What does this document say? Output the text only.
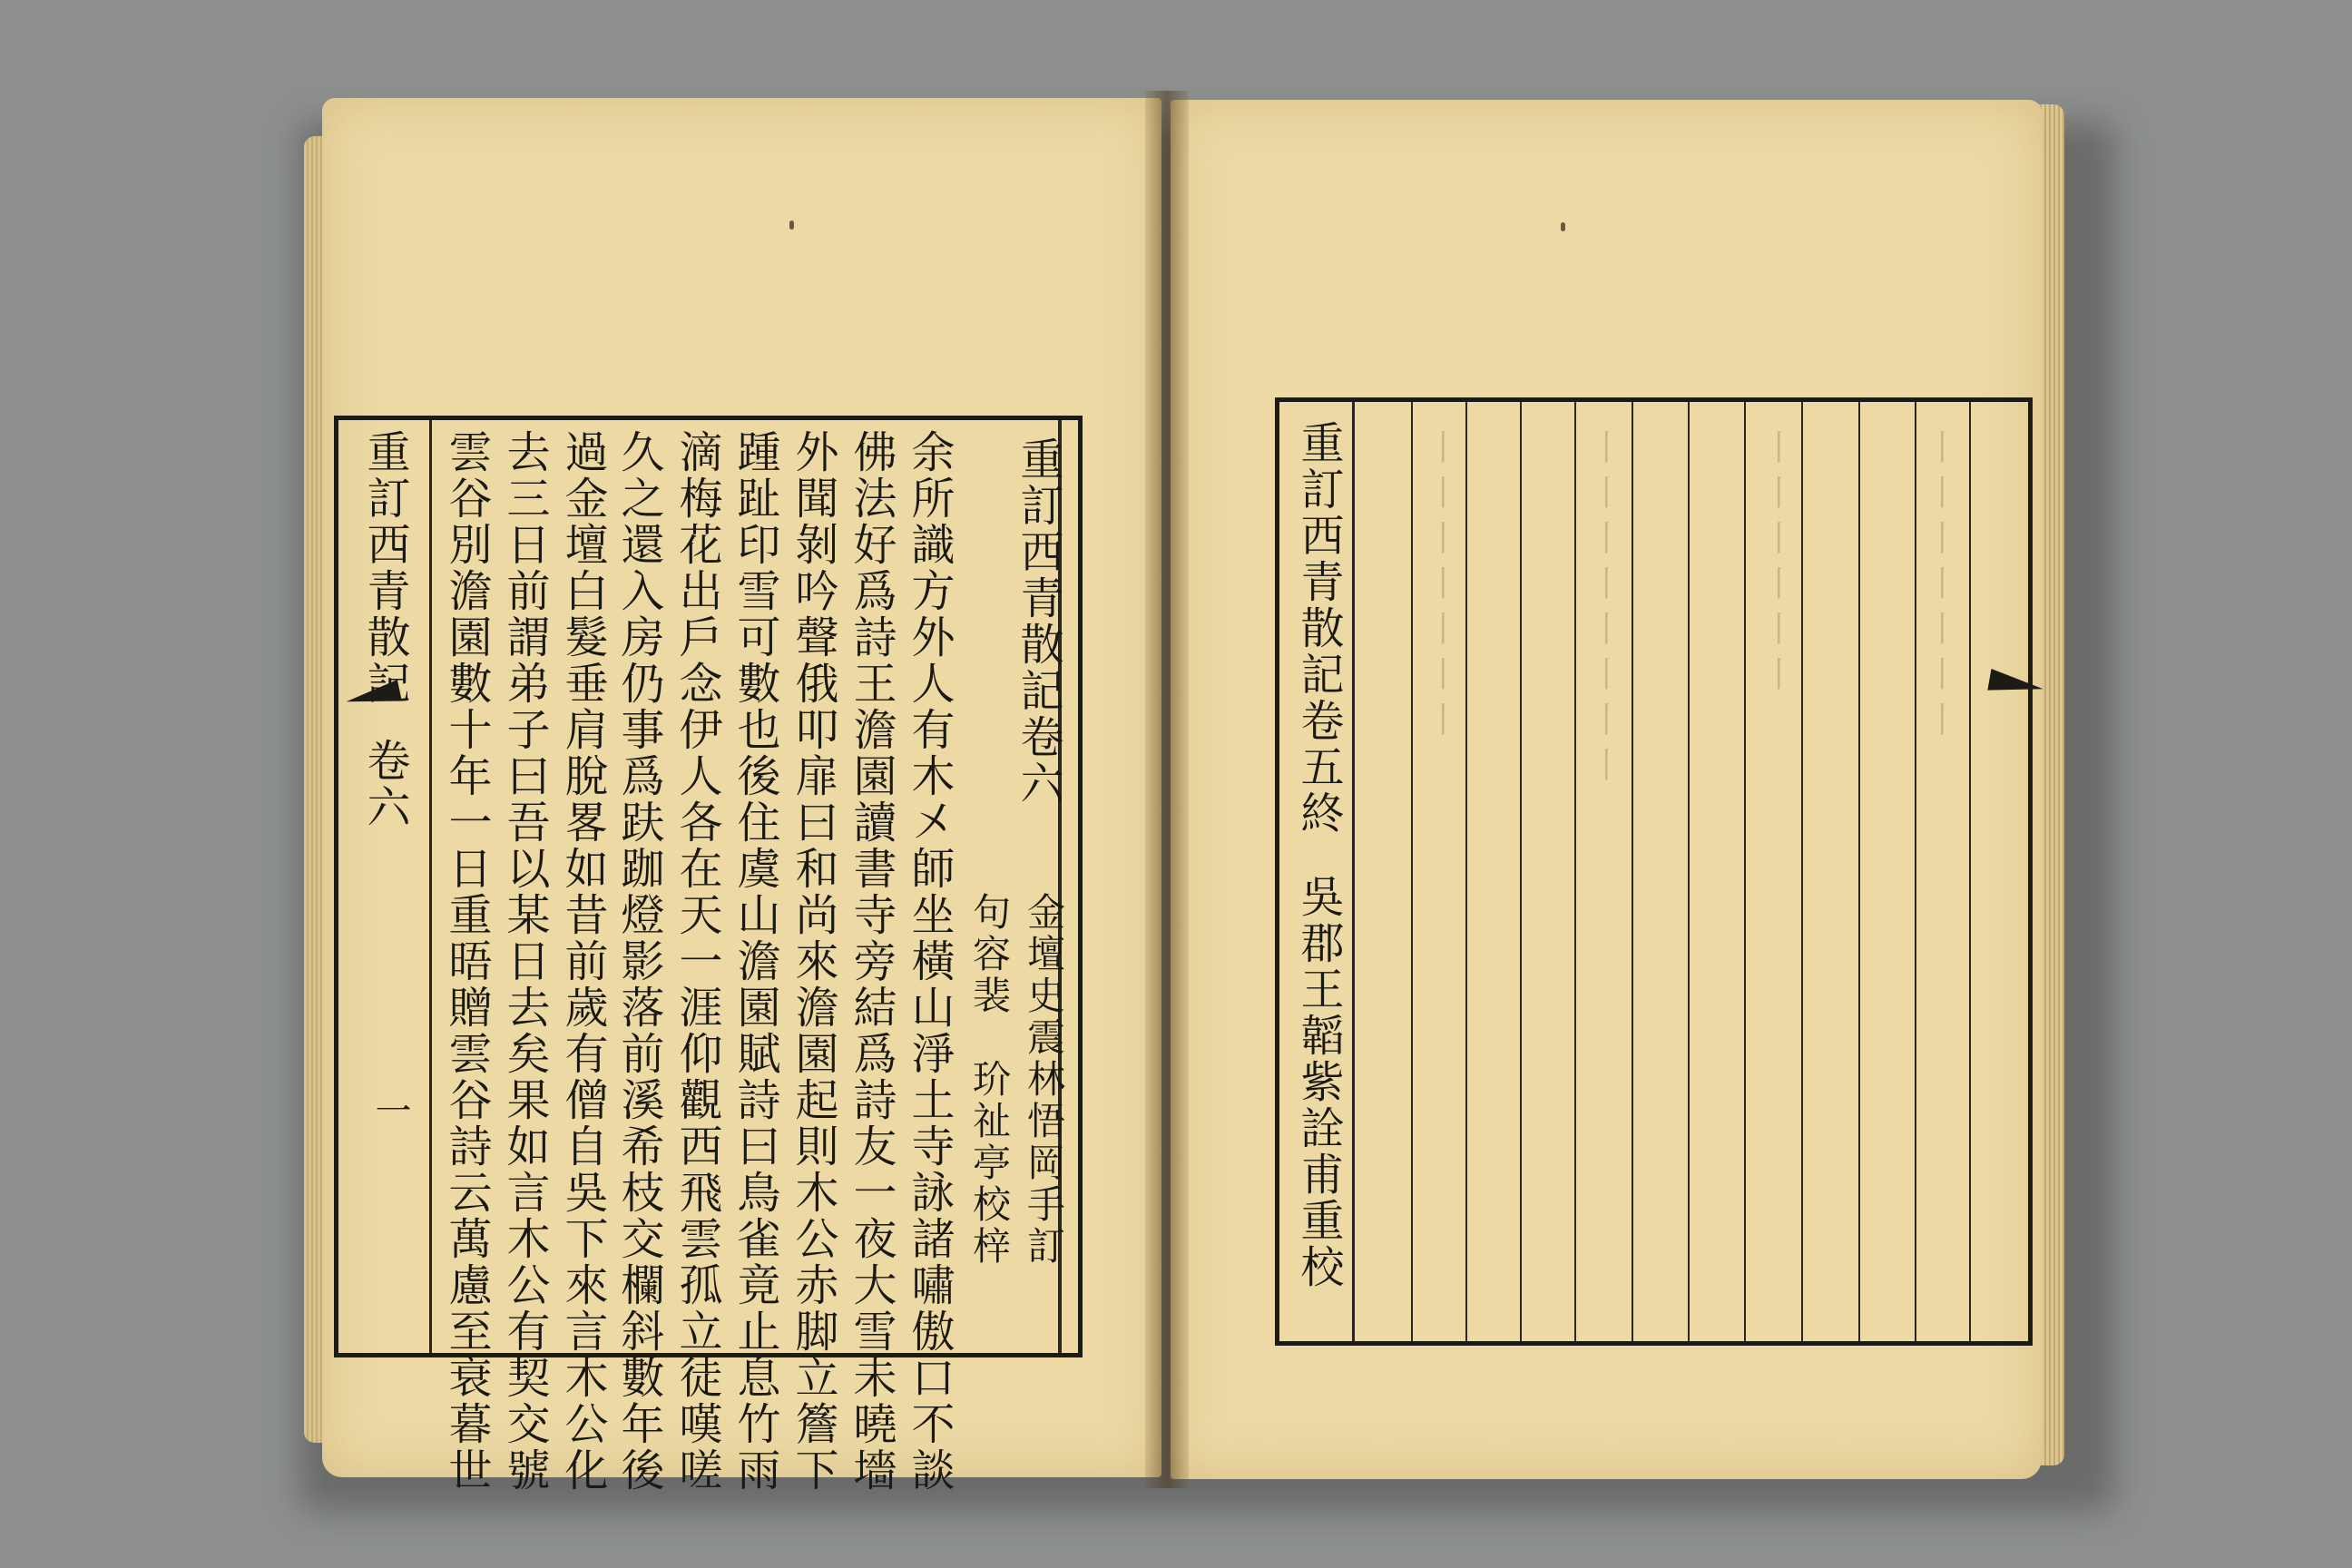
重訂西青散記
卷六
一 雲谷別澹園數十年一日重晤贈雲谷詩云萬慮至衰暮世 去三日前謂弟子曰吾以某日去矣果如言木公有契交號 過金壇白髮垂肩脫畧如昔前歲有僧自吳下來言木公化 久之還入房仍事爲趺跏燈影落前溪希枝交欄斜數年後 滴梅花出戶念伊人各在天一涯仰觀西飛雲孤立徒嘆嗟 踵趾印雪可數也後住虞山澹園賦詩曰鳥雀竟止息竹雨 外聞剝吟聲俄叩扉曰和尚來澹園起則木公赤脚立簷下 佛法好爲詩王澹園讀書寺旁結爲詩友一夜大雪未曉墻 余所識方外人有木㐅師坐橫山淨土寺詠諸嘯傲口不談 句容裴　玠祉亭校梓 金壇史震林悟岡手訂
重訂西青散記卷六	重訂西青散記卷五終
吳郡王韜紫詮甫重校
丨丨丨丨丨丨丨	丨丨丨丨丨丨丨丨	丨丨丨丨丨丨	丨丨丨丨丨丨丨
